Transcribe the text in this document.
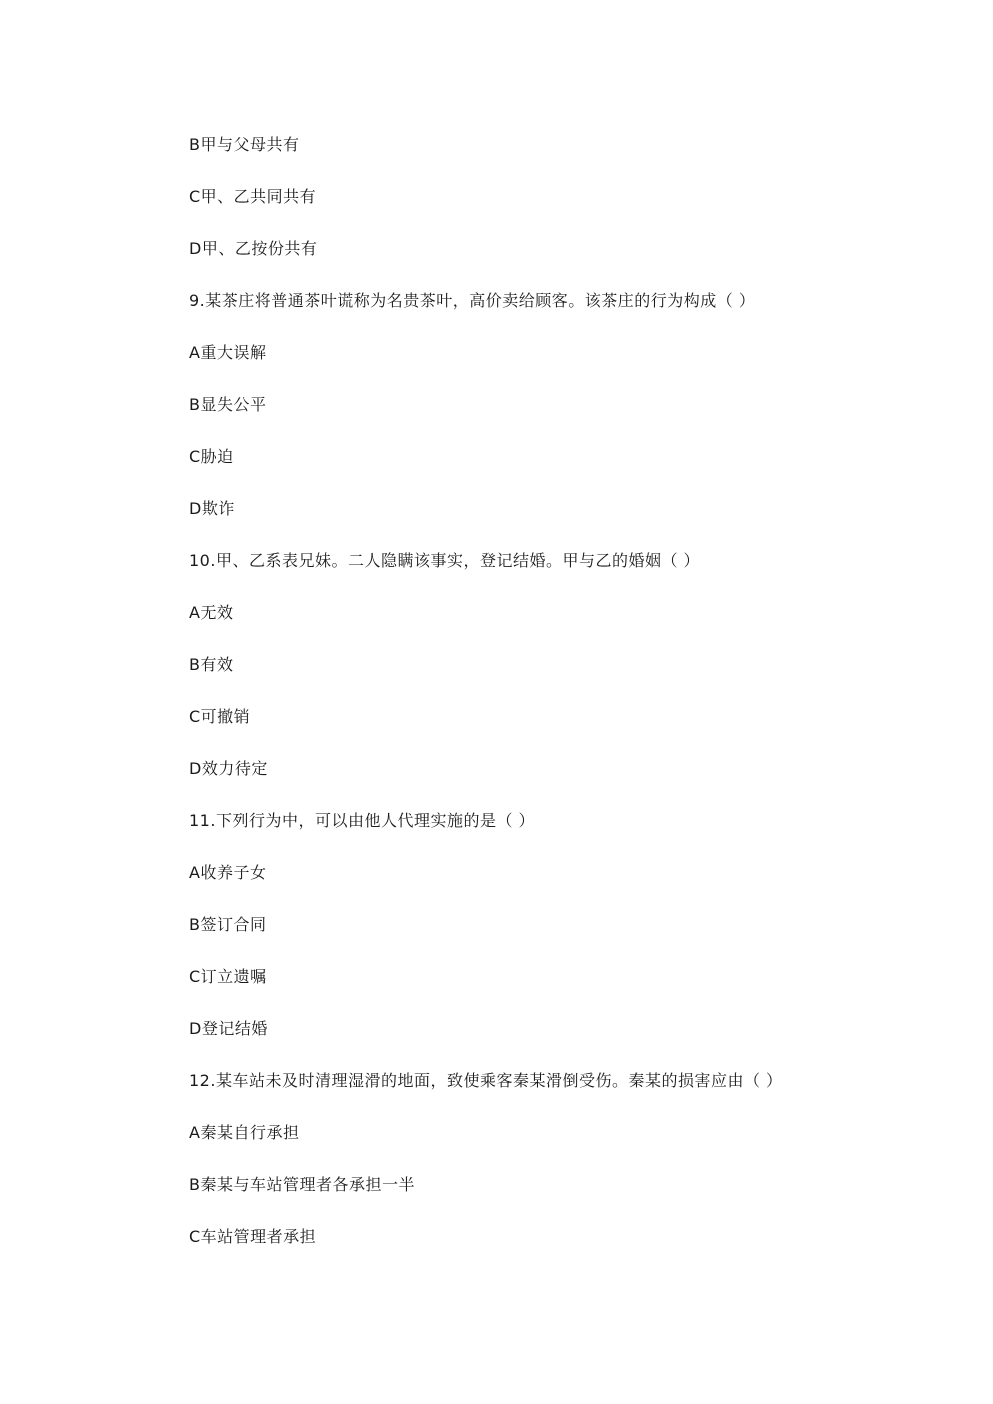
B甲与父母共有
C甲、乙共同共有
D甲、乙按份共有
9.某茶庄将普通茶叶谎称为名贵茶叶，高价卖给顾客。该茶庄的行为构成（ ）
A重大误解
B显失公平
C胁迫
D欺诈
10.甲、乙系表兄妹。二人隐瞒该事实，登记结婚。甲与乙的婚姻（ ）
A无效
B有效
C可撤销
D效力待定
11.下列行为中，可以由他人代理实施的是（ ）
A收养子女
B签订合同
C订立遗嘱
D登记结婚
12.某车站未及时清理湿滑的地面，致使乘客秦某滑倒受伤。秦某的损害应由（ ）
A秦某自行承担
B秦某与车站管理者各承担一半
C车站管理者承担
